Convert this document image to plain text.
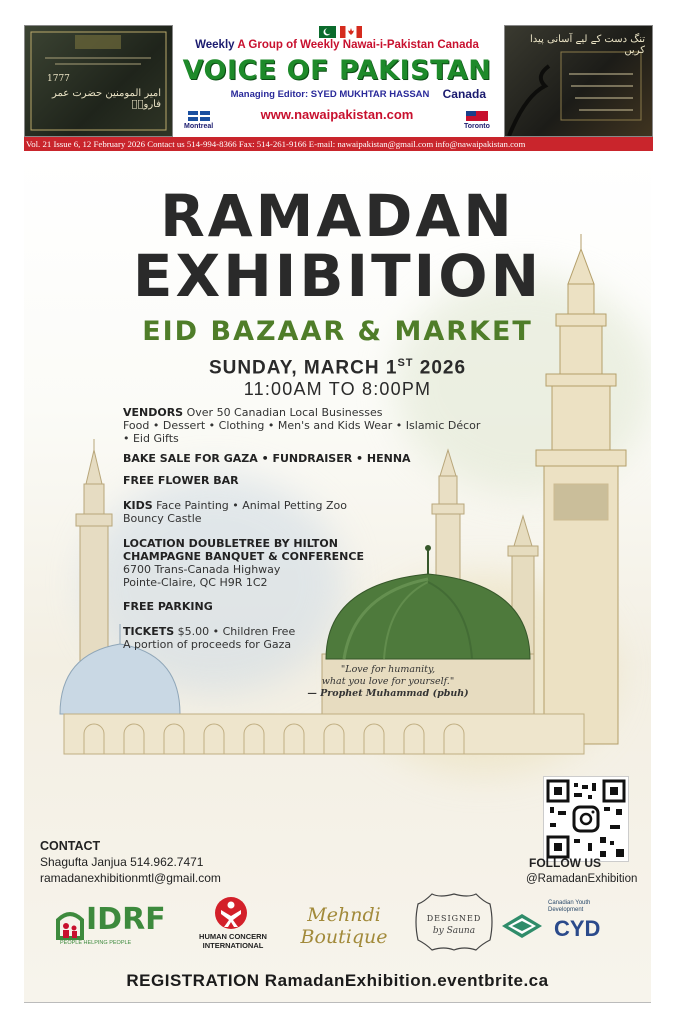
1777
امیر المومنین حضرت عمر فاروقؓ
Weekly A Group of Weekly Nawai-i-Pakistan Canada
VOICE OF PAKISTAN
Managing Editor: SYED MUKHTAR HASSAN	Canada
www.nawaipakistan.com
Montreal	Toronto
تنگ دست کے لیے آسانی پیدا کریں
Vol. 21 Issue 6, 12 February 2026 Contact us 514-994-8366 Fax: 514-261-9166 E-mail: nawaipakistan@gmail.com info@nawaipakistan.com
RAMADAN
EXHIBITION
EID BAZAAR & MARKET
SUNDAY, MARCH 1ST 2026
11:00AM TO 8:00PM
VENDORS Over 50 Canadian Local Businesses
Food • Dessert • Clothing • Men's and Kids Wear • Islamic Décor • Eid Gifts
BAKE SALE FOR GAZA • FUNDRAISER • HENNA
FREE FLOWER BAR
KIDS Face Painting • Animal Petting Zoo
Bouncy Castle
LOCATION DOUBLETREE BY HILTON
CHAMPAGNE BANQUET & CONFERENCE
6700 Trans-Canada Highway
Pointe-Claire, QC H9R 1C2
FREE PARKING
TICKETS $5.00 • Children Free
A portion of proceeds for Gaza
"Love for humanity,
what you love for yourself."
— Prophet Muhammad (pbuh)
CONTACT
Shagufta Janjua 514.962.7471
ramadanexhibitionmtl@gmail.com
FOLLOW US
@RamadanExhibition
IDRF
PEOPLE HELPING PEOPLE
HUMAN CONCERN INTERNATIONAL
Mehndi
Boutique
DESIGNED
by Sauna
Canadian Youth Development
CYD
REGISTRATION RamadanExhibition.eventbrite.ca
